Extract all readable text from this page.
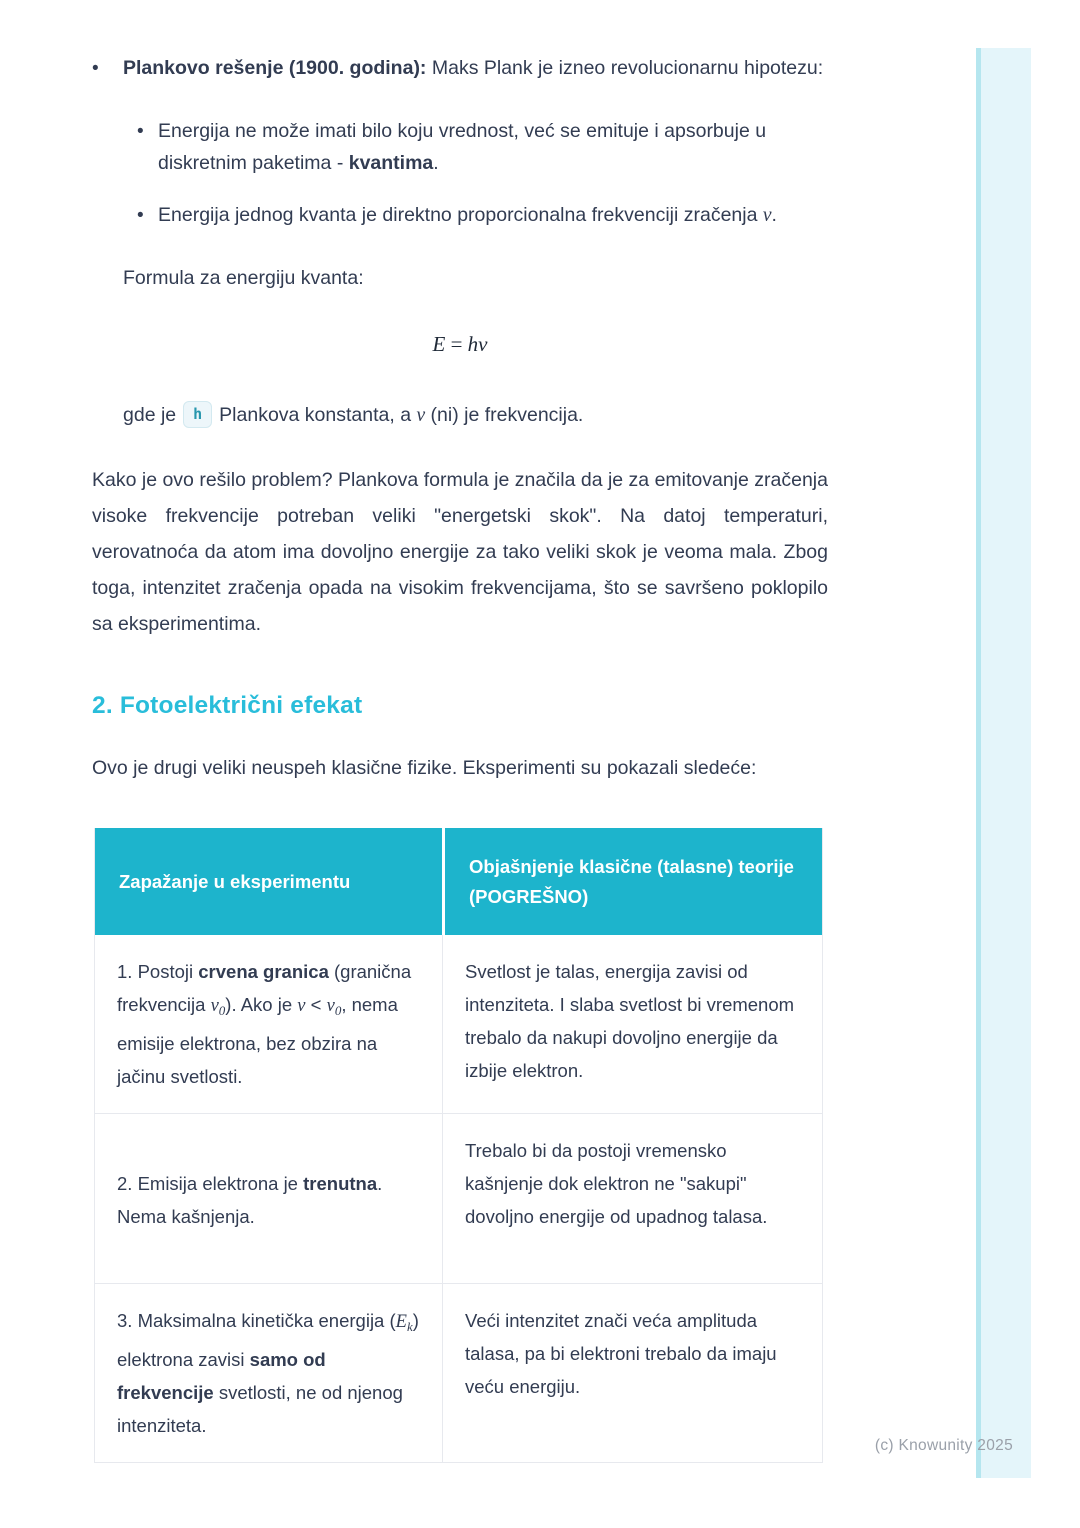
(c) Knowunity 2025
•
Plankovo rešenje (1900. godina): Maks Plank je izneo revolucionarnu hipotezu:
•
Energija ne može imati bilo koju vrednost, već se emituje i apsorbuje u diskretnim paketima - kvantima.
•
Energija jednog kvanta je direktno proporcionalna frekvenciji zračenja v.

Formula za energiju kvanta:

E = hv

gde je h Plankova konstanta, a v (ni) je frekvencija.

Kako je ovo rešilo problem? Plankova formula je značila da je za emitovanje zračenja visoke frekvencije potreban veliki "energetski skok". Na datoj temperaturi, verovatnoća da atom ima dovoljno energije za tako veliki skok je veoma mala. Zbog toga, intenzitet zračenja opada na visokim frekvencijama, što se savršeno poklopilo sa eksperimentima.

2. Fotoelektrični efekat

Ovo je drugi veliki neuspeh klasične fizike. Eksperimenti su pokazali sledeće:

Zapažanje u eksperimentu
Objašnjenje klasične (talasne) teorije (POGREŠNO)
1. Postoji crvena granica (granična frekvencija $v_0$). Ako je $v < v_0$, nema emisije elektrona, bez obzira na jačinu svetlosti.
Svetlost je talas, energija zavisi od intenziteta. I slaba svetlost bi vremenom trebalo da nakupi dovoljno energije da izbije elektron.
2. Emisija elektrona je trenutna. Nema kašnjenja.
Trebalo bi da postoji vremensko kašnjenje dok elektron ne "sakupi" dovoljno energije od upadnog talasa.
3. Maksimalna kinetička energija $(E_k)$ elektrona zavisi samo od frekvencije svetlosti, ne od njenog intenziteta.
Veći intenzitet znači veća amplituda talasa, pa bi elektroni trebalo da imaju veću energiju.
